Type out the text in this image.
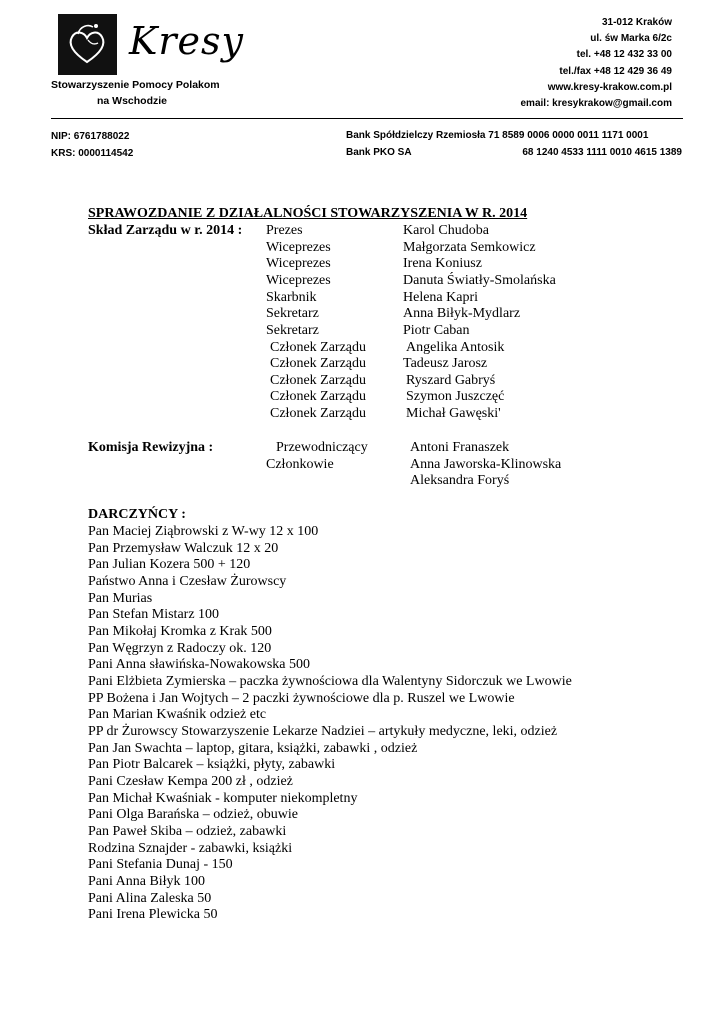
Kresy
Stowarzyszenie Pomocy Polakom
na Wschodzie
31-012 Kraków
ul. św Marka 6/2c
tel. +48 12 432 33 00
tel./fax +48 12 429 36 49
www.kresy-krakow.com.pl
email: kresykrakow@gmail.com
NIP: 6761788022
KRS: 0000114542
Bank Spółdzielczy Rzemiosła 71 8589 0006 0000 0011 1171 0001
Bank PKO SA	68 1240 4533 1111 0010 4615 1389
SPRAWOZDANIE Z DZIAŁALNOŚCI STOWARZYSZENIA W R. 2014
Skład Zarządu w r. 2014 : Prezes	Karol Chudoba
Wiceprezes	Małgorzata Semkowicz
Wiceprezes	Irena Koniusz
Wiceprezes	Danuta Światły-Smolańska
Skarbnik	Helena Kapri
Sekretarz	Anna Biłyk-Mydlarz
Sekretarz	Piotr Caban
Członek Zarządu	Angelika Antosik
Członek Zarządu	Tadeusz Jarosz
Członek Zarządu	Ryszard Gabryś
Członek Zarządu	Szymon Juszczęć
Członek Zarządu	Michał Gawęski'
Komisja Rewizyjna :	Przewodniczący	Antoni Franaszek
Członkowie	Anna Jaworska-Klinowska
Aleksandra Foryś
DARCZYŃCY :
Pan Maciej Ziąbrowski z W-wy 12 x 100
Pan Przemysław Walczuk 12 x 20
Pan Julian Kozera 500 + 120
Państwo Anna i Czesław Żurowscy
Pan Murias
Pan Stefan Mistarz 100
Pan Mikołaj Kromka z Krak 500
Pan Węgrzyn z Radoczy ok. 120
Pani Anna sławińska-Nowakowska 500
Pani Elżbieta Zymierska – paczka żywnościowa dla Walentyny Sidorczuk we Lwowie
PP Bożena i Jan Wojtych – 2 paczki żywnościowe dla p. Ruszel we Lwowie
Pan Marian Kwaśnik odzież etc
PP dr Żurowscy Stowarzyszenie Lekarze Nadziei – artykuły medyczne, leki, odzież
Pan Jan Swachta – laptop, gitara, książki, zabawki , odzież
Pan Piotr Balcarek – książki, płyty, zabawki
Pani Czesław Kempa 200 zł , odzież
Pan Michał Kwaśniak - komputer niekompletny
Pani Olga Barańska – odzież, obuwie
Pan Paweł Skiba – odzież, zabawki
Rodzina Sznajder - zabawki, książki
Pani Stefania Dunaj - 150
Pani Anna Biłyk 100
Pani Alina Zaleska 50
Pani Irena Plewicka 50
